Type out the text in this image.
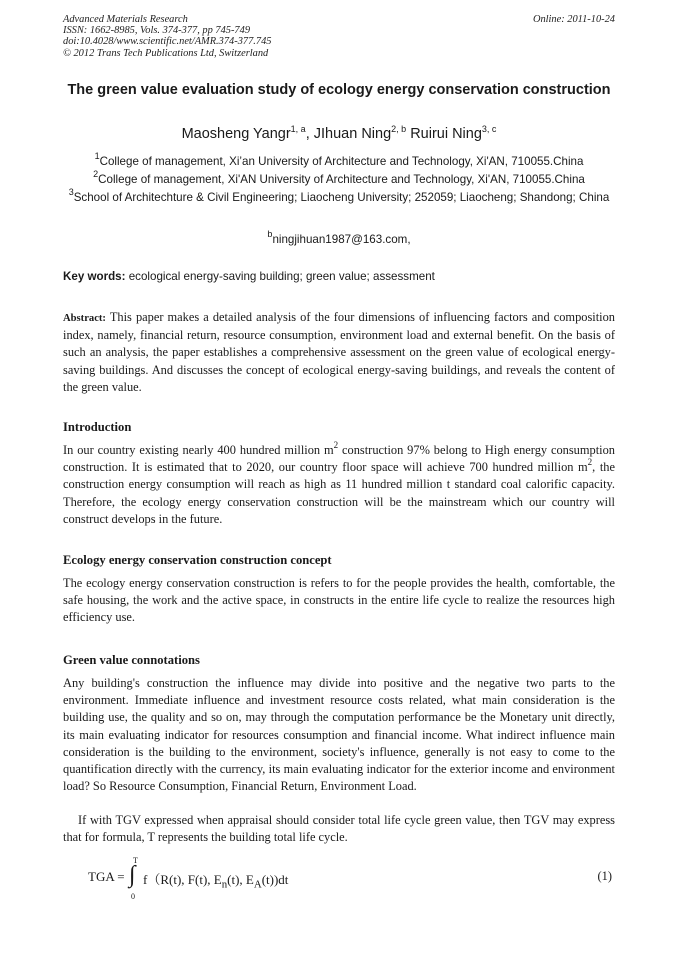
Advanced Materials Research
ISSN: 1662-8985, Vols. 374-377, pp 745-749
doi:10.4028/www.scientific.net/AMR.374-377.745
© 2012 Trans Tech Publications Ltd, Switzerland
Online: 2011-10-24
The green value evaluation study of ecology energy conservation construction
Maosheng Yangr$^{1, a}$, JIhuan Ning$^{2, b}$ Ruirui Ning$^{3, c}$
$^1$College of management, Xi’an University of Architecture and Technology, Xi'AN, 710055.China
$^2$College of management, Xi'AN University of Architecture and Technology, Xi'AN, 710055.China
$^3$School of Architechture & Civil Engineering; Liaocheng University; 252059; Liaocheng; Shandong; China
$^b$ningjihuan1987@163.com,
Key words: ecological energy-saving building; green value; assessment

Abstract: This paper makes a detailed analysis of the four dimensions of influencing factors and composition index, namely, financial return, resource consumption, environment load and external benefit. On the basis of such an analysis, the paper establishes a comprehensive assessment on the green value of ecological energy-saving buildings. And discusses the concept of ecological energy-saving buildings, and reveals the content of the green value.

Introduction

In our country existing nearly 400 hundred million $m^2$ construction 97% belong to High energy consumption construction. It is estimated that to 2020, our country floor space will achieve 700 hundred million $m^2$, the construction energy consumption will reach as high as 11 hundred million t standard coal calorific capacity. Therefore, the ecology energy conservation construction will be the mainstream which our country will construct develops in the future.

Ecology energy conservation construction concept

The ecology energy conservation construction is refers to for the people provides the health, comfortable, the safe housing, the work and the active space, in constructs in the entire life cycle to realize the resources high efficiency use.

Green value connotations

Any building's construction the influence may divide into positive and the negative two parts to the environment. Immediate influence and investment resource costs related, what main consideration is the building use, the quality and so on, may through the computation performance be the Monetary unit directly, its main evaluating indicator for resources consumption and financial income. What indirect influence main consideration is the building to the environment, society's influence, generally is not easy to come to the quantification directly with the currency, its main evaluating indicator for the exterior income and environment load? So Resource Consumption, Financial Return, Environment Load.

If with TGV expressed when appraisal should consider total life cycle green value, then TGV may express that for formula, T represents the building total life cycle.

TGA =
T
∫
0
f（R(t), F(t), $E_n(t)$, $E_A(t))dt$	(1)
